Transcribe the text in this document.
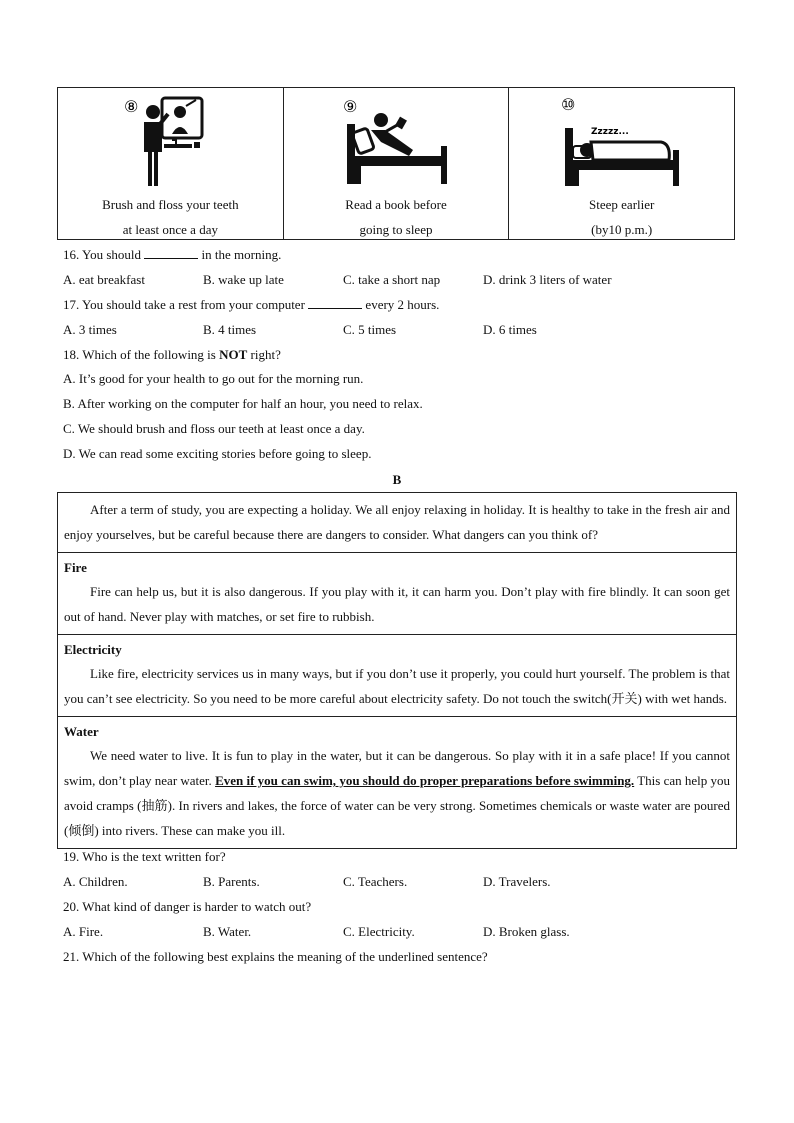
⑧
Brush and floss your teeth
at least once a day
⑨
Read a book before
going to sleep
⑩
Zzzzz...
Steep earlier
(by10 p.m.)
16. You should	in the morning.
A. eat breakfast	B. wake up late	C. take a short nap	D. drink 3 liters of water
17. You should take a rest from your computer	every 2 hours.
A. 3 times	B. 4 times	C. 5 times	D. 6 times
18. Which of the following is NOT right?
A. It’s good for your health to go out for the morning run.
B. After working on the computer for half an hour, you need to relax.
C. We should brush and floss our teeth at least once a day.
D. We can read some exciting stories before going to sleep.
B

After a term of study, you are expecting a holiday. We all enjoy relaxing in holiday. It is healthy to take in the fresh air and enjoy yourselves, but be careful because there are dangers to consider. What dangers can you think of?

Fire

Fire can help us, but it is also dangerous. If you play with it, it can harm you. Don’t play with fire blindly. It can soon get out of hand. Never play with matches, or set fire to rubbish.

Electricity

Like fire, electricity services us in many ways, but if you don’t use it properly, you could hurt yourself. The problem is that you can’t see electricity. So you need to be more careful about electricity safety. Do not touch the switch(开关) with wet hands.

Water

We need water to live. It is fun to play in the water, but it can be dangerous. So play with it in a safe place! If you cannot swim, don’t play near water. Even if you can swim, you should do proper preparations before swimming. This can help you avoid cramps (抽筋). In rivers and lakes, the force of water can be very strong. Sometimes chemicals or waste water are poured (倾倒) into rivers. These can make you ill.

19. Who is the text written for?
A. Children.	B. Parents.	C. Teachers.	D. Travelers.
20. What kind of danger is harder to watch out?
A. Fire.	B. Water.	C. Electricity.	D. Broken glass.
21. Which of the following best explains the meaning of the underlined sentence?
